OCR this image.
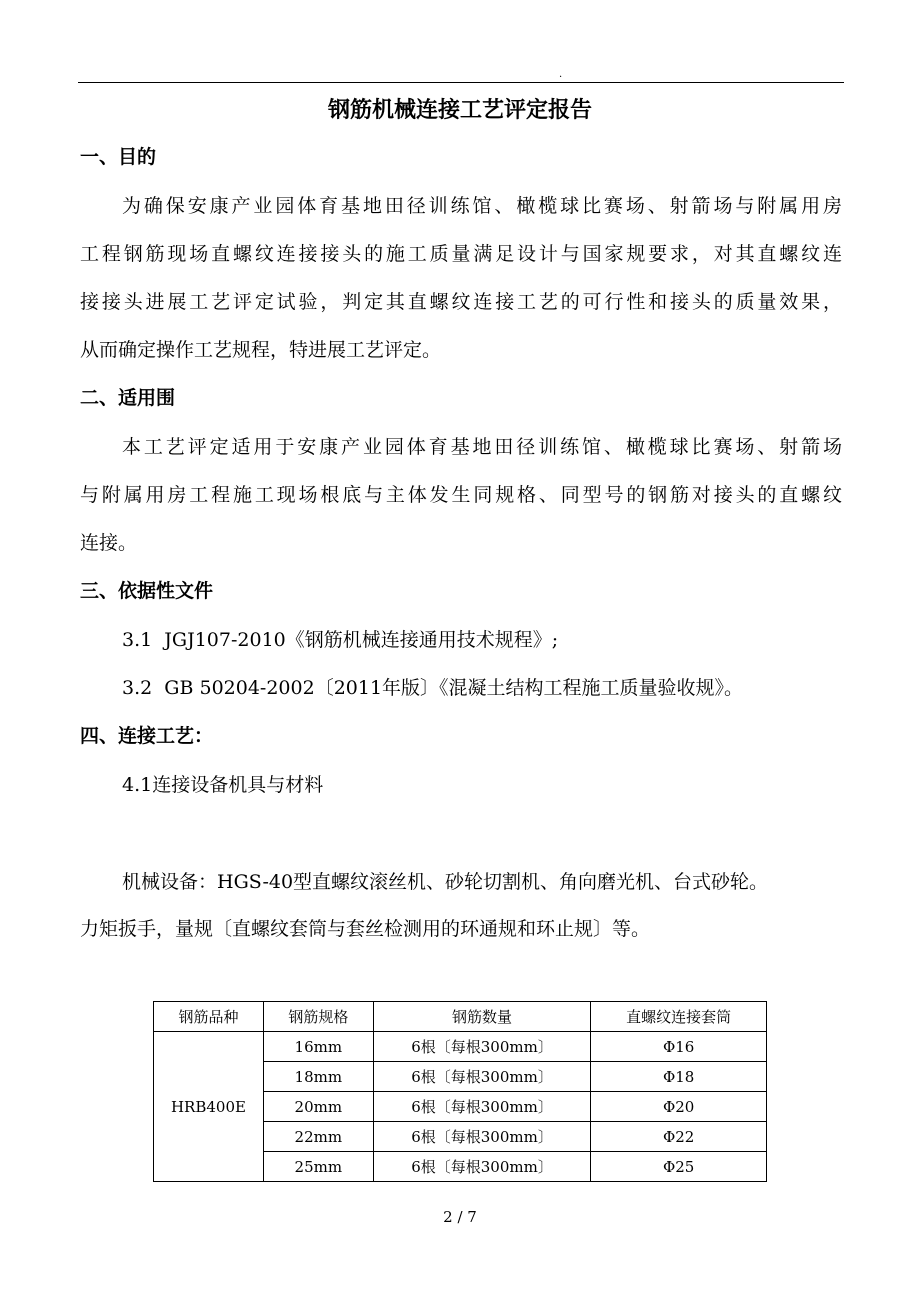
.
钢筋机械连接工艺评定报告
一、目的
为确保安康产业园体育基地田径训练馆、橄榄球比赛场、射箭场与附属用房
工程钢筋现场直螺纹连接接头的施工质量满足设计与国家规要求，对其直螺纹连
接接头进展工艺评定试验，判定其直螺纹连接工艺的可行性和接头的质量效果，
从而确定操作工艺规程，特进展工艺评定。
二、适用围
本工艺评定适用于安康产业园体育基地田径训练馆、橄榄球比赛场、射箭场
与附属用房工程施工现场根底与主体发生同规格、同型号的钢筋对接头的直螺纹
连接。
三、依据性文件
3.1  JGJ107-2010《钢筋机械连接通用技术规程》;
3.2  GB 50204-2002〔2011年版〕《混凝土结构工程施工质量验收规》。
四、连接工艺：
4.1连接设备机具与材料
机械设备：HGS-40型直螺纹滚丝机、砂轮切割机、角向磨光机、台式砂轮。
力矩扳手，量规〔直螺纹套筒与套丝检测用的环通规和环止规〕等。
钢筋品种	钢筋规格	钢筋数量	直螺纹连接套筒
HRB400E	16mm	6根〔每根300mm〕	Φ16
	18mm	6根〔每根300mm〕	Φ18
	20mm	6根〔每根300mm〕	Φ20
	22mm	6根〔每根300mm〕	Φ22
	25mm	6根〔每根300mm〕	Φ25
2 / 7
